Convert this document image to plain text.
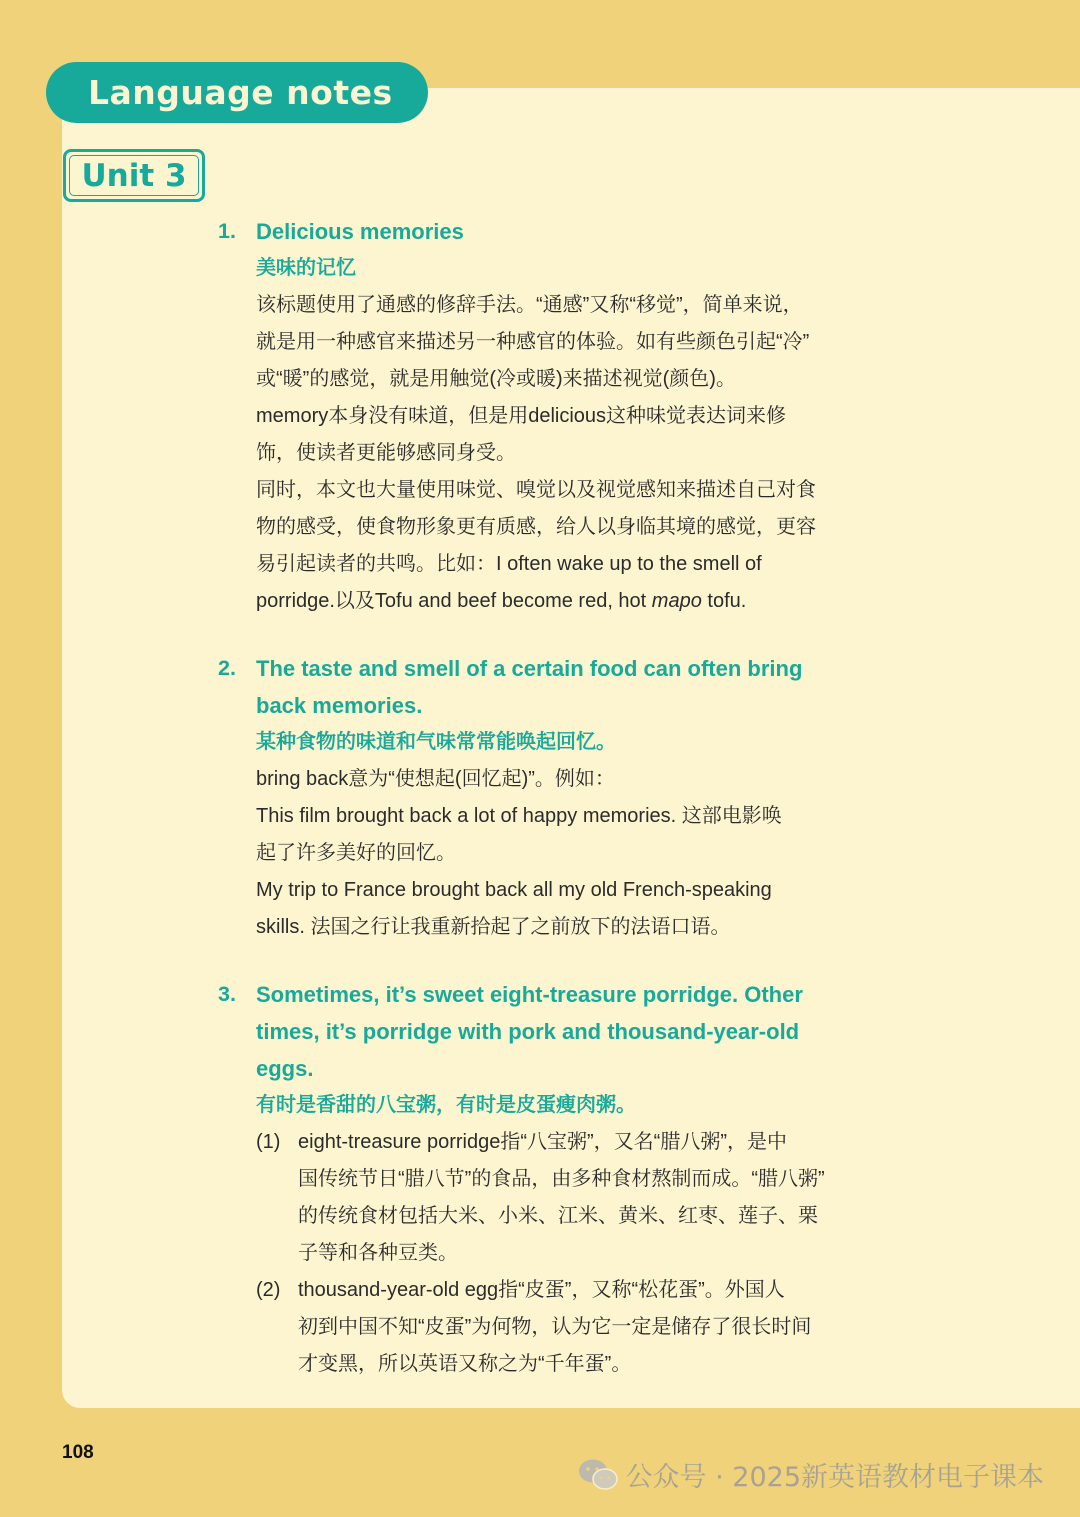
Language notes
Unit 3
1. Delicious memories
美味的记忆

该标题使用了通感的修辞手法。“通感”又称“移觉”，简单来说，

就是用一种感官来描述另一种感官的体验。如有些颜色引起“冷”

或“暖”的感觉，就是用触觉(冷或暖)来描述视觉(颜色)。

memory本身没有味道，但是用delicious这种味觉表达词来修

饰，使读者更能够感同身受。

同时，本文也大量使用味觉、嗅觉以及视觉感知来描述自己对食

物的感受，使食物形象更有质感，给人以身临其境的感觉，更容

易引起读者的共鸣。比如：I often wake up to the smell of

porridge.以及Tofu and beef become red, hot mapo tofu.

2. The taste and smell of a certain food can often bring
back memories.
某种食物的味道和气味常常能唤起回忆。

bring back意为“使想起(回忆起)”。例如：

This film brought back a lot of happy memories. 这部电影唤

起了许多美好的回忆。

My trip to France brought back all my old French-speaking

skills. 法国之行让我重新拾起了之前放下的法语口语。

3. Sometimes, it’s sweet eight-treasure porridge. Other
times, it’s porridge with pork and thousand-year-old
eggs.
有时是香甜的八宝粥，有时是皮蛋瘦肉粥。
(1) eight-treasure porridge指“八宝粥”，又名“腊八粥”，是中
国传统节日“腊八节”的食品，由多种食材熬制而成。“腊八粥”
的传统食材包括大米、小米、江米、黄米、红枣、莲子、栗
子等和各种豆类。
(2) thousand-year-old egg指“皮蛋”，又称“松花蛋”。外国人
初到中国不知“皮蛋”为何物，认为它一定是储存了很长时间
才变黑，所以英语又称之为“千年蛋”。
108
公众号 · 2025新英语教材电子课本
